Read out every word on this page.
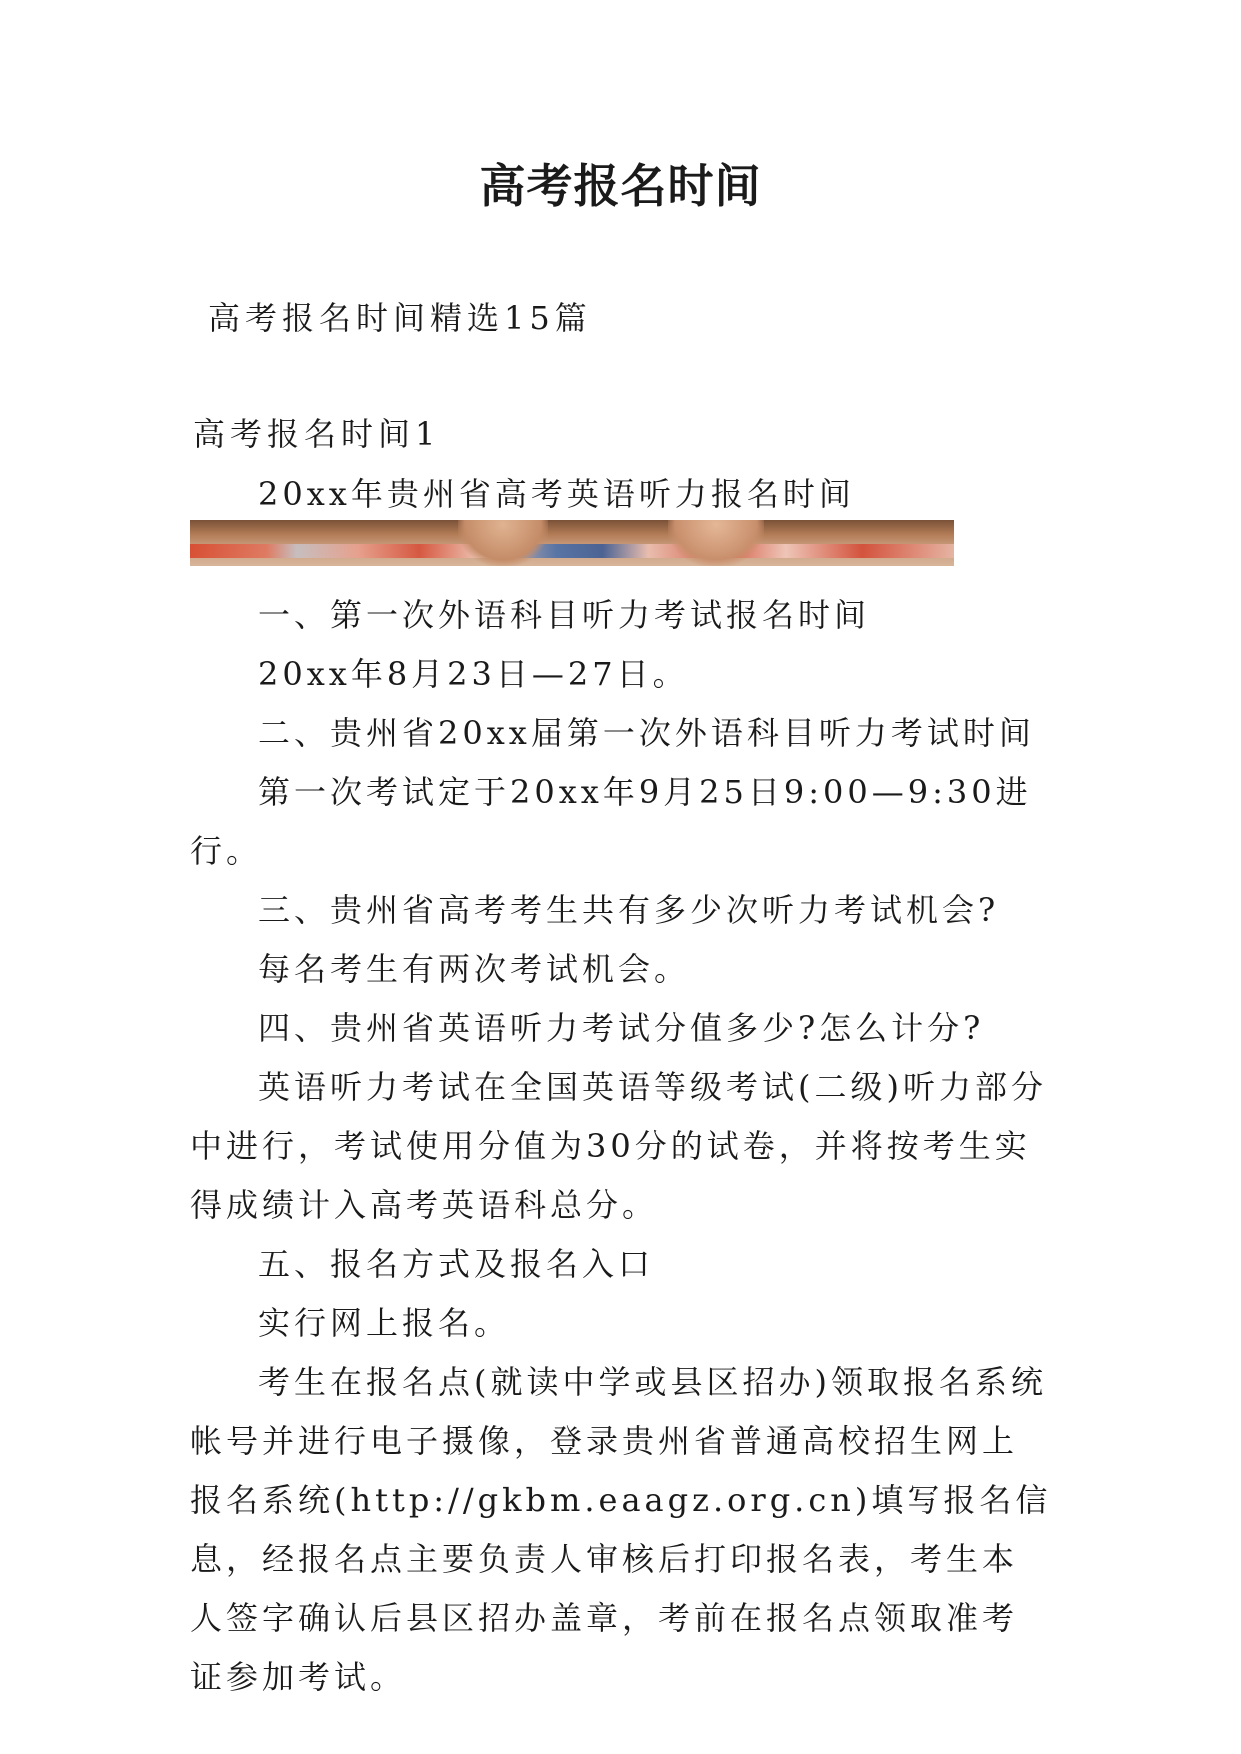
高考报名时间
高考报名时间精选15篇
高考报名时间1
20xx年贵州省高考英语听力报名时间

一、第一次外语科目听力考试报名时间

20xx年8月23日—27日。

二、贵州省20xx届第一次外语科目听力考试时间

第一次考试定于20xx年9月25日9:00—9:30进行。

三、贵州省高考考生共有多少次听力考试机会?

每名考生有两次考试机会。

四、贵州省英语听力考试分值多少?怎么计分?

英语听力考试在全国英语等级考试(二级)听力部分中进行，考试使用分值为30分的试卷，并将按考生实得成绩计入高考英语科总分。

五、报名方式及报名入口

实行网上报名。

考生在报名点(就读中学或县区招办)领取报名系统帐号并进行电子摄像，登录贵州省普通高校招生网上报名系统(http://gkbm.eaagz.org.cn)填写报名信息，经报名点主要负责人审核后打印报名表，考生本人签字确认后县区招办盖章，考前在报名点领取准考证参加考试。
